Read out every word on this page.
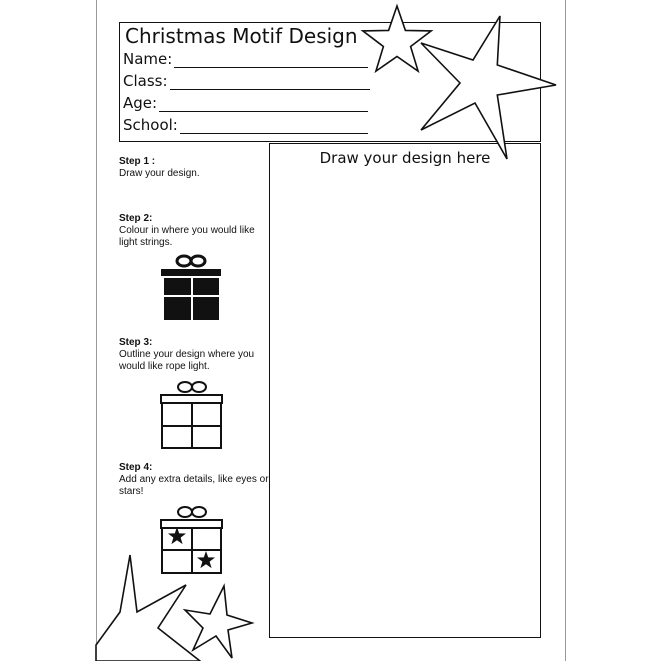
Christmas Motif Design
Name:
Class:
Age:
School:
Draw your design here
Step 1 :
Draw your design.
Step 2:
Colour in where you would like light strings.
Step 3:
Outline your design where you would like rope light.
Step 4:
Add any extra details, like eyes or stars!
